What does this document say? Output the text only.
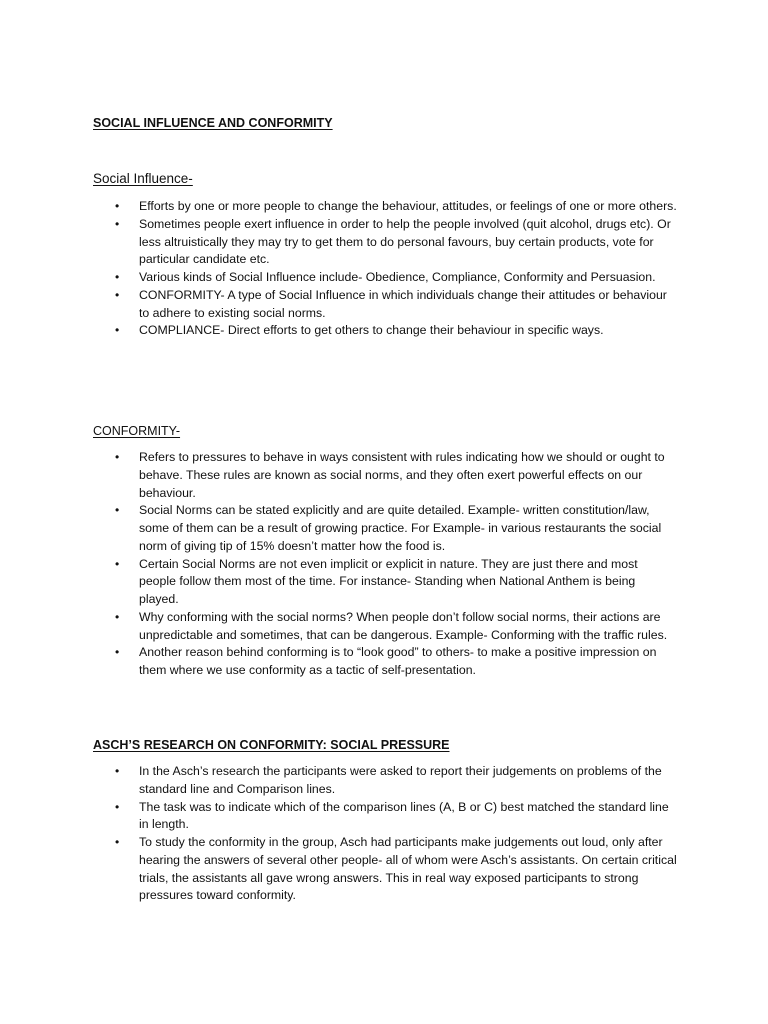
SOCIAL INFLUENCE AND CONFORMITY
Social Influence-
• Efforts by one or more people to change the behaviour, attitudes, or feelings of one or more others.
• Sometimes people exert influence in order to help the people involved (quit alcohol, drugs etc). Or less altruistically they may try to get them to do personal favours, buy certain products, vote for particular candidate etc.
• Various kinds of Social Influence include- Obedience, Compliance, Conformity and Persuasion.
• CONFORMITY- A type of Social Influence in which individuals change their attitudes or behaviour to adhere to existing social norms.
• COMPLIANCE- Direct efforts to get others to change their behaviour in specific ways.
CONFORMITY-
• Refers to pressures to behave in ways consistent with rules indicating how we should or ought to behave. These rules are known as social norms, and they often exert powerful effects on our behaviour.
• Social Norms can be stated explicitly and are quite detailed. Example- written constitution/law, some of them can be a result of growing practice. For Example- in various restaurants the social norm of giving tip of 15% doesn’t matter how the food is.
• Certain Social Norms are not even implicit or explicit in nature. They are just there and most people follow them most of the time. For instance- Standing when National Anthem is being played.
• Why conforming with the social norms? When people don’t follow social norms, their actions are unpredictable and sometimes, that can be dangerous. Example- Conforming with the traffic rules.
• Another reason behind conforming is to “look good” to others- to make a positive impression on them where we use conformity as a tactic of self-presentation.
ASCH’S RESEARCH ON CONFORMITY: SOCIAL PRESSURE
• In the Asch’s research the participants were asked to report their judgements on problems of the standard line and Comparison lines.
• The task was to indicate which of the comparison lines (A, B or C) best matched the standard line in length.
• To study the conformity in the group, Asch had participants make judgements out loud, only after hearing the answers of several other people- all of whom were Asch’s assistants. On certain critical trials, the assistants all gave wrong answers. This in real way exposed participants to strong pressures toward conformity.
